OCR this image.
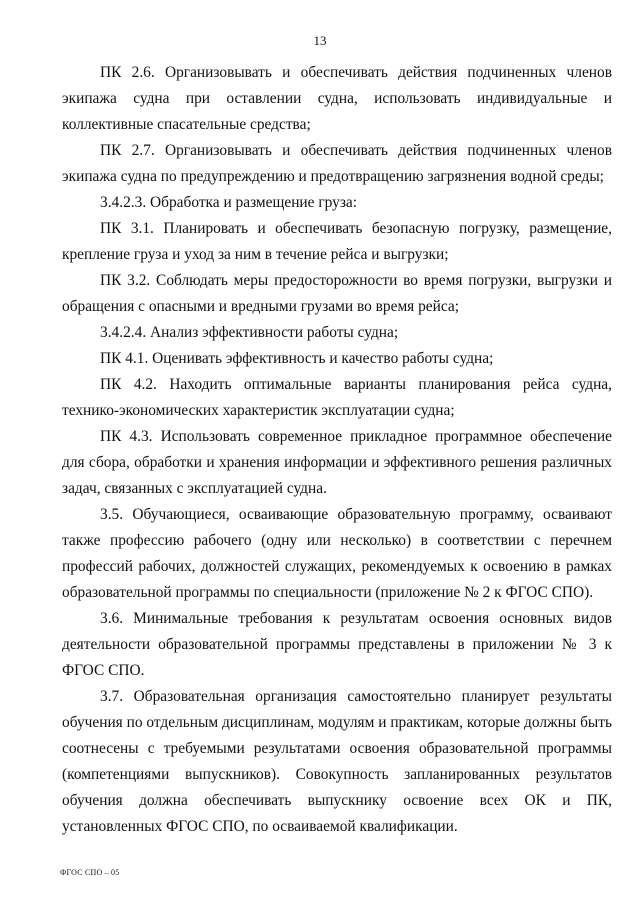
13

ПК 2.6. Организовывать и обеспечивать действия подчиненных членов экипажа судна при оставлении судна, использовать индивидуальные и коллективные спасательные средства;

ПК 2.7. Организовывать и обеспечивать действия подчиненных членов экипажа судна по предупреждению и предотвращению загрязнения водной среды;

3.4.2.3. Обработка и размещение груза:

ПК 3.1. Планировать и обеспечивать безопасную погрузку, размещение, крепление груза и уход за ним в течение рейса и выгрузки;

ПК 3.2. Соблюдать меры предосторожности во время погрузки, выгрузки и обращения с опасными и вредными грузами во время рейса;

3.4.2.4. Анализ эффективности работы судна;

ПК 4.1. Оценивать эффективность и качество работы судна;

ПК 4.2. Находить оптимальные варианты планирования рейса судна, технико-экономических характеристик эксплуатации судна;

ПК 4.3. Использовать современное прикладное программное обеспечение для сбора, обработки и хранения информации и эффективного решения различных задач, связанных с эксплуатацией судна.

3.5. Обучающиеся, осваивающие образовательную программу, осваивают также профессию рабочего (одну или несколько) в соответствии с перечнем профессий рабочих, должностей служащих, рекомендуемых к освоению в рамках образовательной программы по специальности (приложение № 2 к ФГОС СПО).

3.6. Минимальные требования к результатам освоения основных видов деятельности образовательной программы представлены в приложении № 3 к ФГОС СПО.

3.7. Образовательная организация самостоятельно планирует результаты обучения по отдельным дисциплинам, модулям и практикам, которые должны быть соотнесены с требуемыми результатами освоения образовательной программы (компетенциями выпускников). Совокупность запланированных результатов обучения должна обеспечивать выпускнику освоение всех ОК и ПК, установленных ФГОС СПО, по осваиваемой квалификации.

ФГОС СПО – 05
